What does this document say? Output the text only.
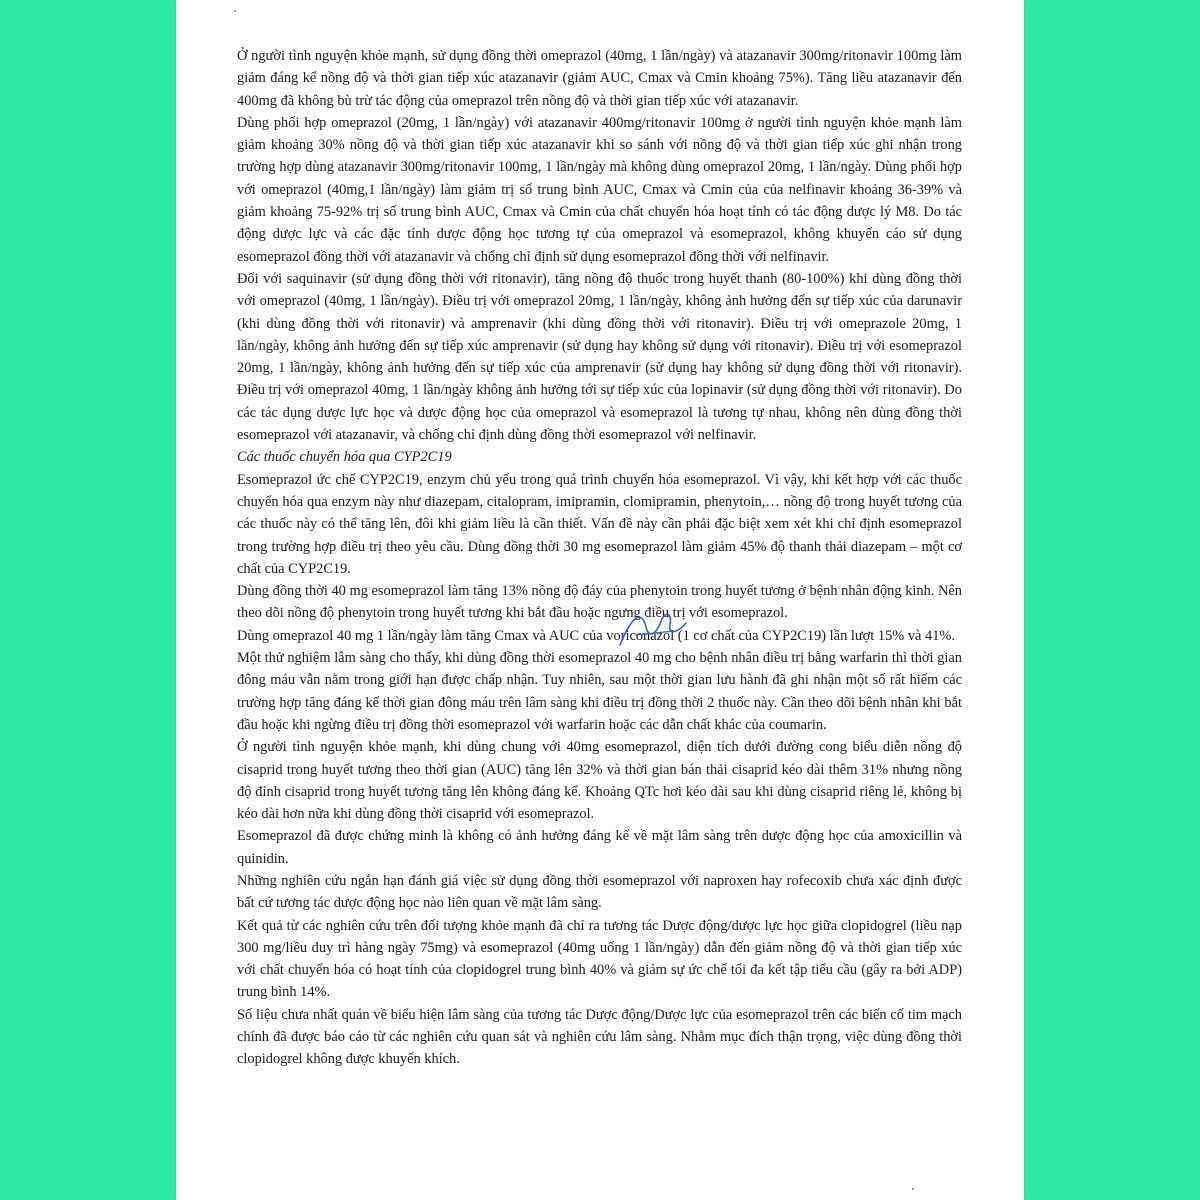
Ở người tình nguyện khỏe mạnh, sử dụng đồng thời omeprazol (40mg, 1 lần/ngày) và atazanavir 300mg/ritonavir 100mg làm giảm đáng kể nồng độ và thời gian tiếp xúc atazanavir (giảm AUC, Cmax và Cmin khoảng 75%). Tăng liều atazanavir đến 400mg đã không bù trừ tác động của omeprazol trên nồng độ và thời gian tiếp xúc với atazanavir.

Dùng phối hợp omeprazol (20mg, 1 lần/ngày) với atazanavir 400mg/ritonavir 100mg ở người tình nguyện khỏe mạnh làm giảm khoảng 30% nồng độ và thời gian tiếp xúc atazanavir khi so sánh với nồng độ và thời gian tiếp xúc ghi nhận trong trường hợp dùng atazanavir 300mg/ritonavir 100mg, 1 lần/ngày mà không dùng omeprazol 20mg, 1 lần/ngày. Dùng phối hợp với omeprazol (40mg,1 lần/ngày) làm giảm trị số trung bình AUC, Cmax và Cmin của của nelfinavir khoảng 36-39% và giảm khoảng 75-92% trị số trung bình AUC, Cmax và Cmin của chất chuyển hóa hoạt tính có tác động dược lý M8. Do tác động dược lực và các đặc tính dược động học tương tự của omeprazol và esomeprazol, không khuyến cáo sử dụng esomeprazol đồng thời với atazanavir và chống chỉ định sử dụng esomeprazol đồng thời với nelfinavir.

Đối với saquinavir (sử dụng đồng thời với ritonavir), tăng nồng độ thuốc trong huyết thanh (80-100%) khi dùng đồng thời với omeprazol (40mg, 1 lần/ngày). Điều trị với omeprazol 20mg, 1 lần/ngày, không ảnh hưởng đến sự tiếp xúc của darunavir (khi dùng đồng thời với ritonavir) và amprenavir (khi dùng đồng thời với ritonavir). Điều trị với omeprazole 20mg, 1 lần/ngày, không ảnh hưởng đến sự tiếp xúc amprenavir (sử dụng hay không sử dụng với ritonavir). Điều trị với esomeprazol 20mg, 1 lần/ngày, không ảnh hưởng đến sự tiếp xúc của amprenavir (sử dụng hay không sử dụng đồng thời với ritonavir). Điều trị với omeprazol 40mg, 1 lần/ngày không ảnh hưởng tới sự tiếp xúc của lopinavir (sử dụng đồng thời với ritonavir). Do các tác dụng dược lực học và dược động học của omeprazol và esomeprazol là tương tự nhau, không nên dùng đồng thời esomeprazol với atazanavir, và chống chỉ định dùng đồng thời esomeprazol với nelfinavir.

Các thuốc chuyển hóa qua CYP2C19

Esomeprazol ức chế CYP2C19, enzym chủ yếu trong quá trình chuyển hóa esomeprazol. Vì vậy, khi kết hợp với các thuốc chuyển hóa qua enzym này như diazepam, citalopram, imipramin, clomipramin, phenytoin,… nồng độ trong huyết tương của các thuốc này có thể tăng lên, đôi khi giảm liều là cần thiết. Vấn đề này cần phải đặc biệt xem xét khi chỉ định esomeprazol trong trường hợp điều trị theo yêu cầu. Dùng đồng thời 30 mg esomeprazol làm giảm 45% độ thanh thải diazepam – một cơ chất của CYP2C19.

Dùng đồng thời 40 mg esomeprazol làm tăng 13% nồng độ đáy của phenytoin trong huyết tương ở bệnh nhân động kinh. Nên theo dõi nồng độ phenytoin trong huyết tương khi bắt đầu hoặc ngưng điều trị với esomeprazol.

Dùng omeprazol 40 mg 1 lần/ngày làm tăng Cmax và AUC của voriconazol (1 cơ chất của CYP2C19) lần lượt 15% và 41%.

Một thử nghiệm lâm sàng cho thấy, khi dùng đồng thời esomeprazol 40 mg cho bệnh nhân điều trị bằng warfarin thì thời gian đông máu vẫn nằm trong giới hạn được chấp nhận. Tuy nhiên, sau một thời gian lưu hành đã ghi nhận một số rất hiếm các trường hợp tăng đáng kể thời gian đông máu trên lâm sàng khi điều trị đồng thời 2 thuốc này. Cần theo dõi bệnh nhân khi bắt đầu hoặc khi ngừng điều trị đồng thời esomeprazol với warfarin hoặc các dẫn chất khác của coumarin.

Ở người tình nguyện khỏe mạnh, khi dùng chung với 40mg esomeprazol, diện tích dưới đường cong biểu diễn nồng độ cisaprid trong huyết tương theo thời gian (AUC) tăng lên 32% và thời gian bán thải cisaprid kéo dài thêm 31% nhưng nồng độ đỉnh cisaprid trong huyết tương tăng lên không đáng kể. Khoảng QTc hơi kéo dài sau khi dùng cisaprid riêng lẻ, không bị kéo dài hơn nữa khi dùng đồng thời cisaprid với esomeprazol.

Esomeprazol đã được chứng minh là không có ảnh hưởng đáng kể về mặt lâm sàng trên dược động học của amoxicillin và quinidin.

Những nghiên cứu ngắn hạn đánh giá việc sử dụng đồng thời esomeprazol với naproxen hay rofecoxib chưa xác định được bất cứ tương tác dược động học nào liên quan về mặt lâm sàng.

Kết quả từ các nghiên cứu trên đối tượng khỏe mạnh đã chỉ ra tương tác Dược động/dược lực học giữa clopidogrel (liều nạp 300 mg/liều duy trì hàng ngày 75mg) và esomeprazol (40mg uống 1 lần/ngày) dẫn đến giảm nồng độ và thời gian tiếp xúc với chất chuyển hóa có hoạt tính của clopidogrel trung bình 40% và giảm sự ức chế tối đa kết tập tiểu cầu (gây ra bởi ADP) trung bình 14%.

Số liệu chưa nhất quán về biểu hiện lâm sàng của tương tác Dược động/Dược lực của esomeprazol trên các biến cố tim mạch chính đã được báo cáo từ các nghiên cứu quan sát và nghiên cứu lâm sàng. Nhằm mục đích thận trọng, việc dùng đồng thời clopidogrel không được khuyến khích.
